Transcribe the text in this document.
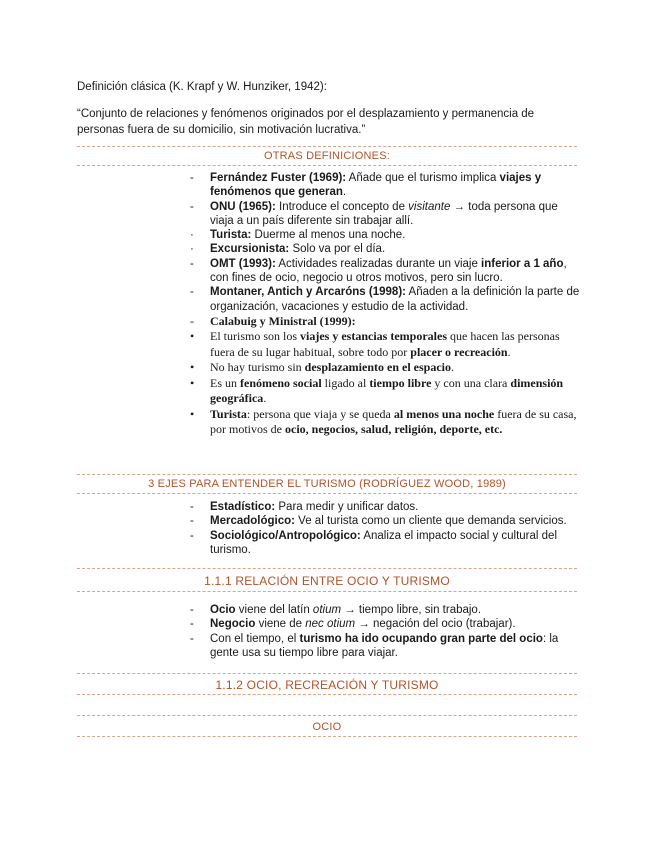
Definición clásica (K. Krapf y W. Hunziker, 1942):
“Conjunto de relaciones y fenómenos originados por el desplazamiento y permanencia de personas fuera de su domicilio, sin motivación lucrativa.”
OTRAS DEFINICIONES:
-	Fernández Fuster (1969): Añade que el turismo implica viajes y fenómenos que generan.
-	ONU (1965): Introduce el concepto de visitante → toda persona que viaja a un país diferente sin trabajar allí.
·	Turista: Duerme al menos una noche.
·	Excursionista: Solo va por el día.
-	OMT (1993): Actividades realizadas durante un viaje inferior a 1 año, con fines de ocio, negocio u otros motivos, pero sin lucro.
-	Montaner, Antich y Arcaróns (1998): Añaden a la definición la parte de organización, vacaciones y estudio de la actividad.
-	Calabuig y Ministral (1999):
•	El turismo son los viajes y estancias temporales que hacen las personas fuera de su lugar habitual, sobre todo por placer o recreación.
•	No hay turismo sin desplazamiento en el espacio.
•	Es un fenómeno social ligado al tiempo libre y con una clara dimensión geográfica.
•	Turista: persona que viaja y se queda al menos una noche fuera de su casa, por motivos de ocio, negocios, salud, religión, deporte, etc.
3 EJES PARA ENTENDER EL TURISMO (RODRÍGUEZ WOOD, 1989)
-	Estadístico: Para medir y unificar datos.
-	Mercadológico: Ve al turista como un cliente que demanda servicios.
-	Sociológico/Antropológico: Analiza el impacto social y cultural del turismo.
1.1.1 RELACIÓN ENTRE OCIO Y TURISMO
-	Ocio viene del latín otium → tiempo libre, sin trabajo.
-	Negocio viene de nec otium → negación del ocio (trabajar).
-	Con el tiempo, el turismo ha ido ocupando gran parte del ocio: la gente usa su tiempo libre para viajar.
1.1.2 OCIO, RECREACIÓN Y TURISMO
OCIO
